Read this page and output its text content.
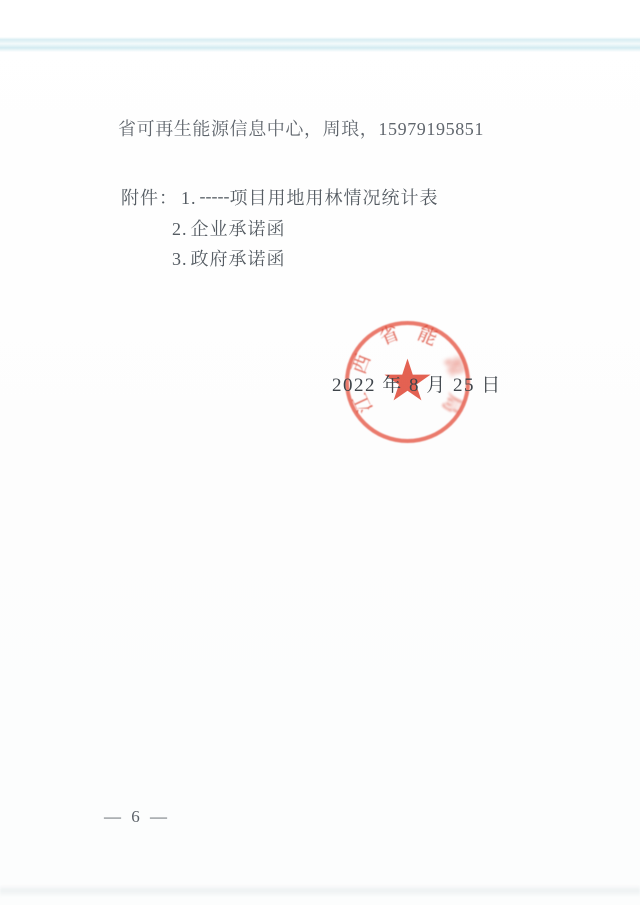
省可再生能源信息中心，周琅，15979195851
附件： 1. -----项目用地用林情况统计表
2. 企业承诺函
3. 政府承诺函
江
西
省 能
源
局
2022 年 8 月 25 日
— 6 —
